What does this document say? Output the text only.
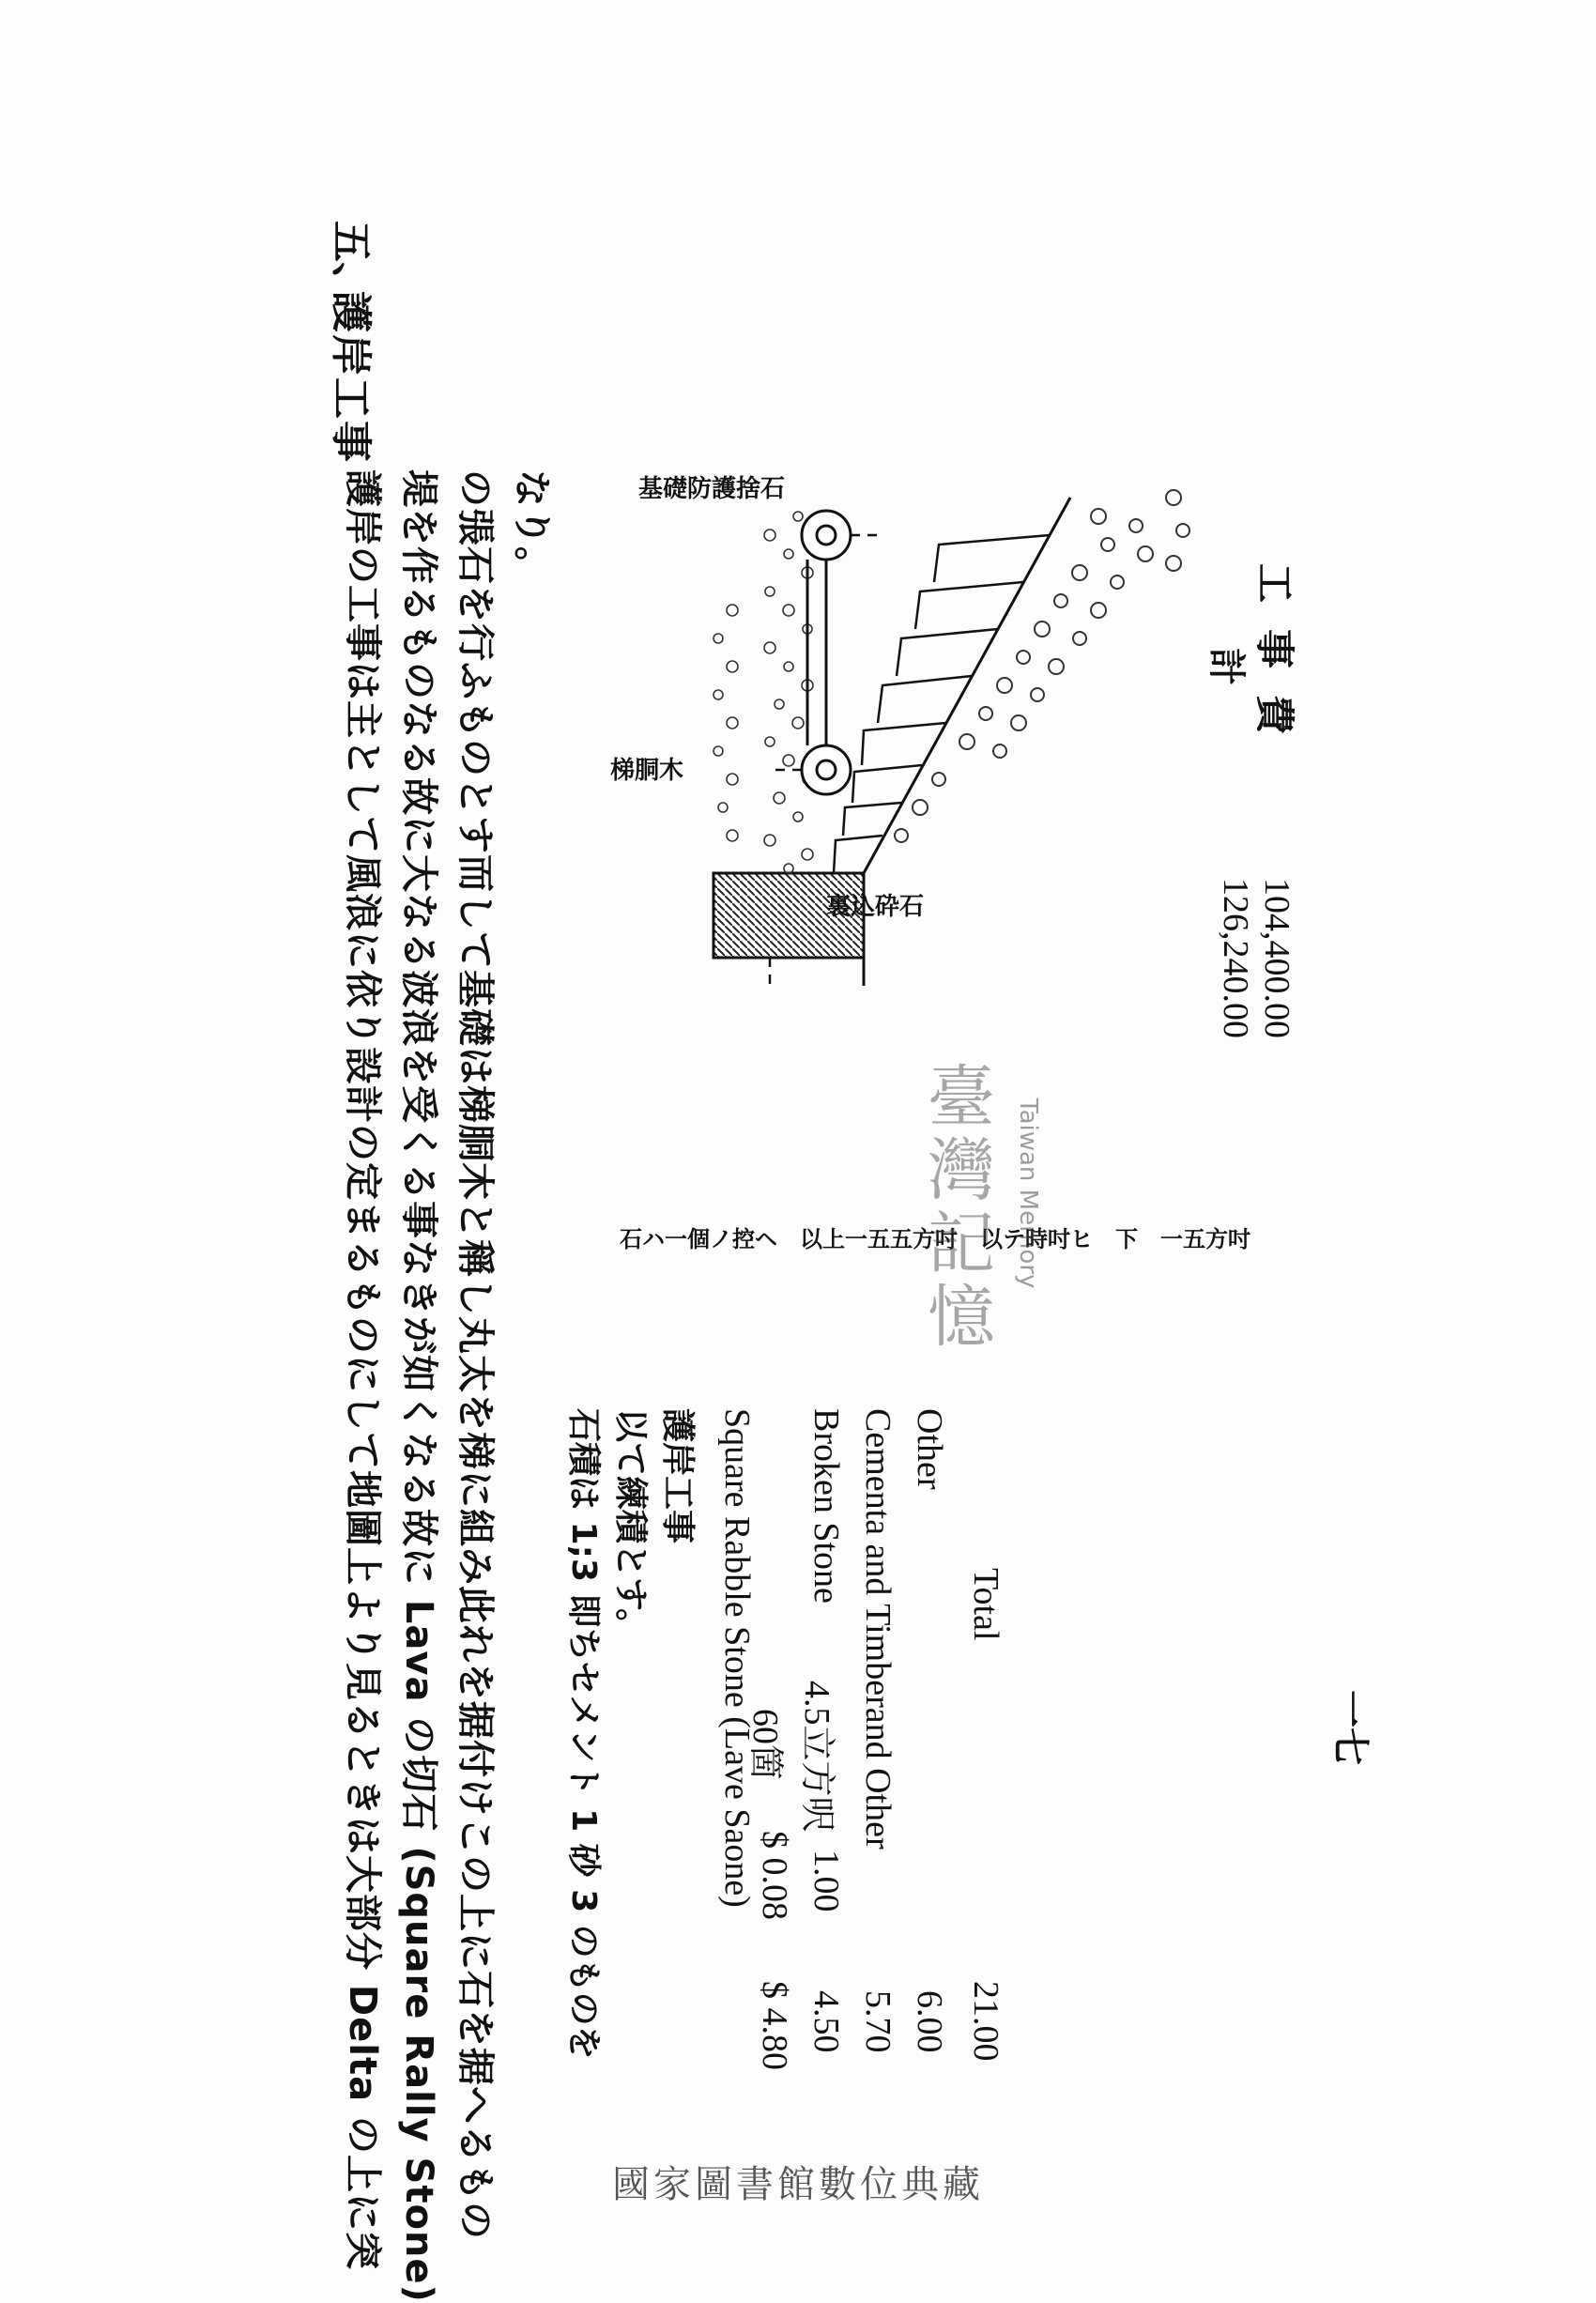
工事費
104,400.00
計
126,240.00
五、
護岸工事
護岸の工事は主として風浪に依り設計の定まるものにして地圖上より見るときは大部分 Delta の上に突 堤を作るものなる故に大なる波浪を受くる事なきが如くなる故に Lava の切石 (Square Rally Stone) の張石を行ふものとす而して基礎は梯胴木と稱し丸太を梯に組み此れを据付けこの上に石を据へるもの なり。	基礎防護捨石
梯胴木
裏込砕石
石ハ一個ノ控ヘ　以上一五五方吋　以テ時吋ヒ　下　一五方吋
石積は 1;3 即ちセメント 1 砂 3 のものを 以て練積とす。 護岸工事 Square Rabble Stone (Lave Saone)
60箇
$ 0.08
$ 4.80
Broken Stone
4.5立方呎
1.00
4.50
Cementa and Timberand Other
5.70
Other
6.00
Total
21.00
一七
臺灣記憶 Taiwan Memory
國家圖書館數位典藏
